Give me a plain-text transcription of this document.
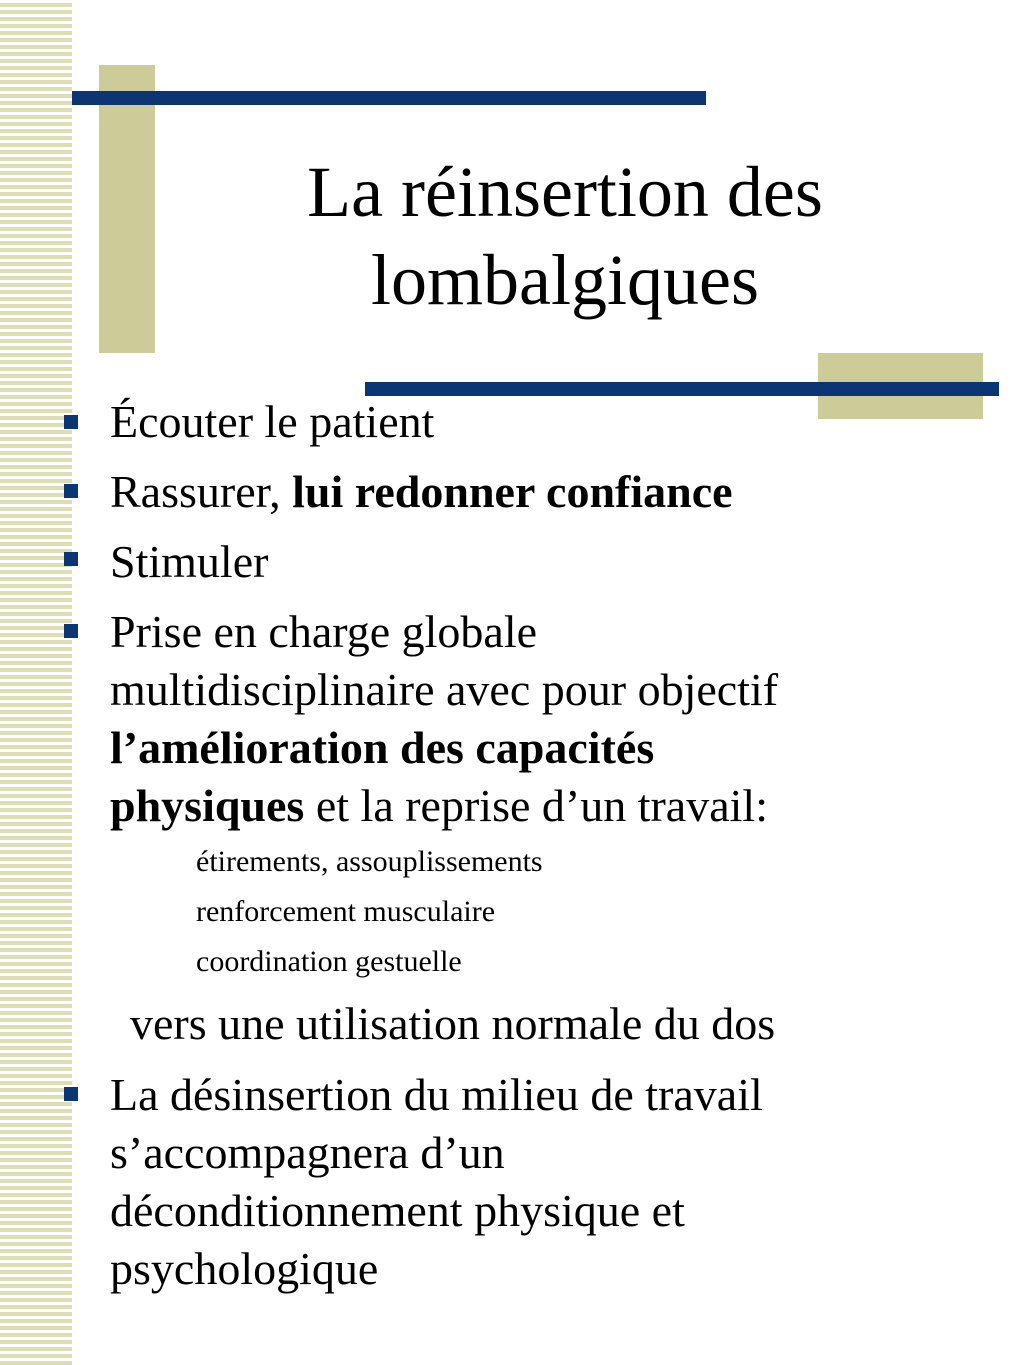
La réinsertion des
lombalgiques
Écouter le patient
Rassurer, lui redonner confiance
Stimuler
Prise en charge globale
multidisciplinaire avec pour objectif
l’amélioration des capacités
physiques et la reprise d’un travail:
étirements, assouplissements
renforcement musculaire
coordination gestuelle
vers une utilisation normale du dos
La désinsertion du milieu de travail
s’accompagnera d’un
déconditionnement physique et
psychologique
